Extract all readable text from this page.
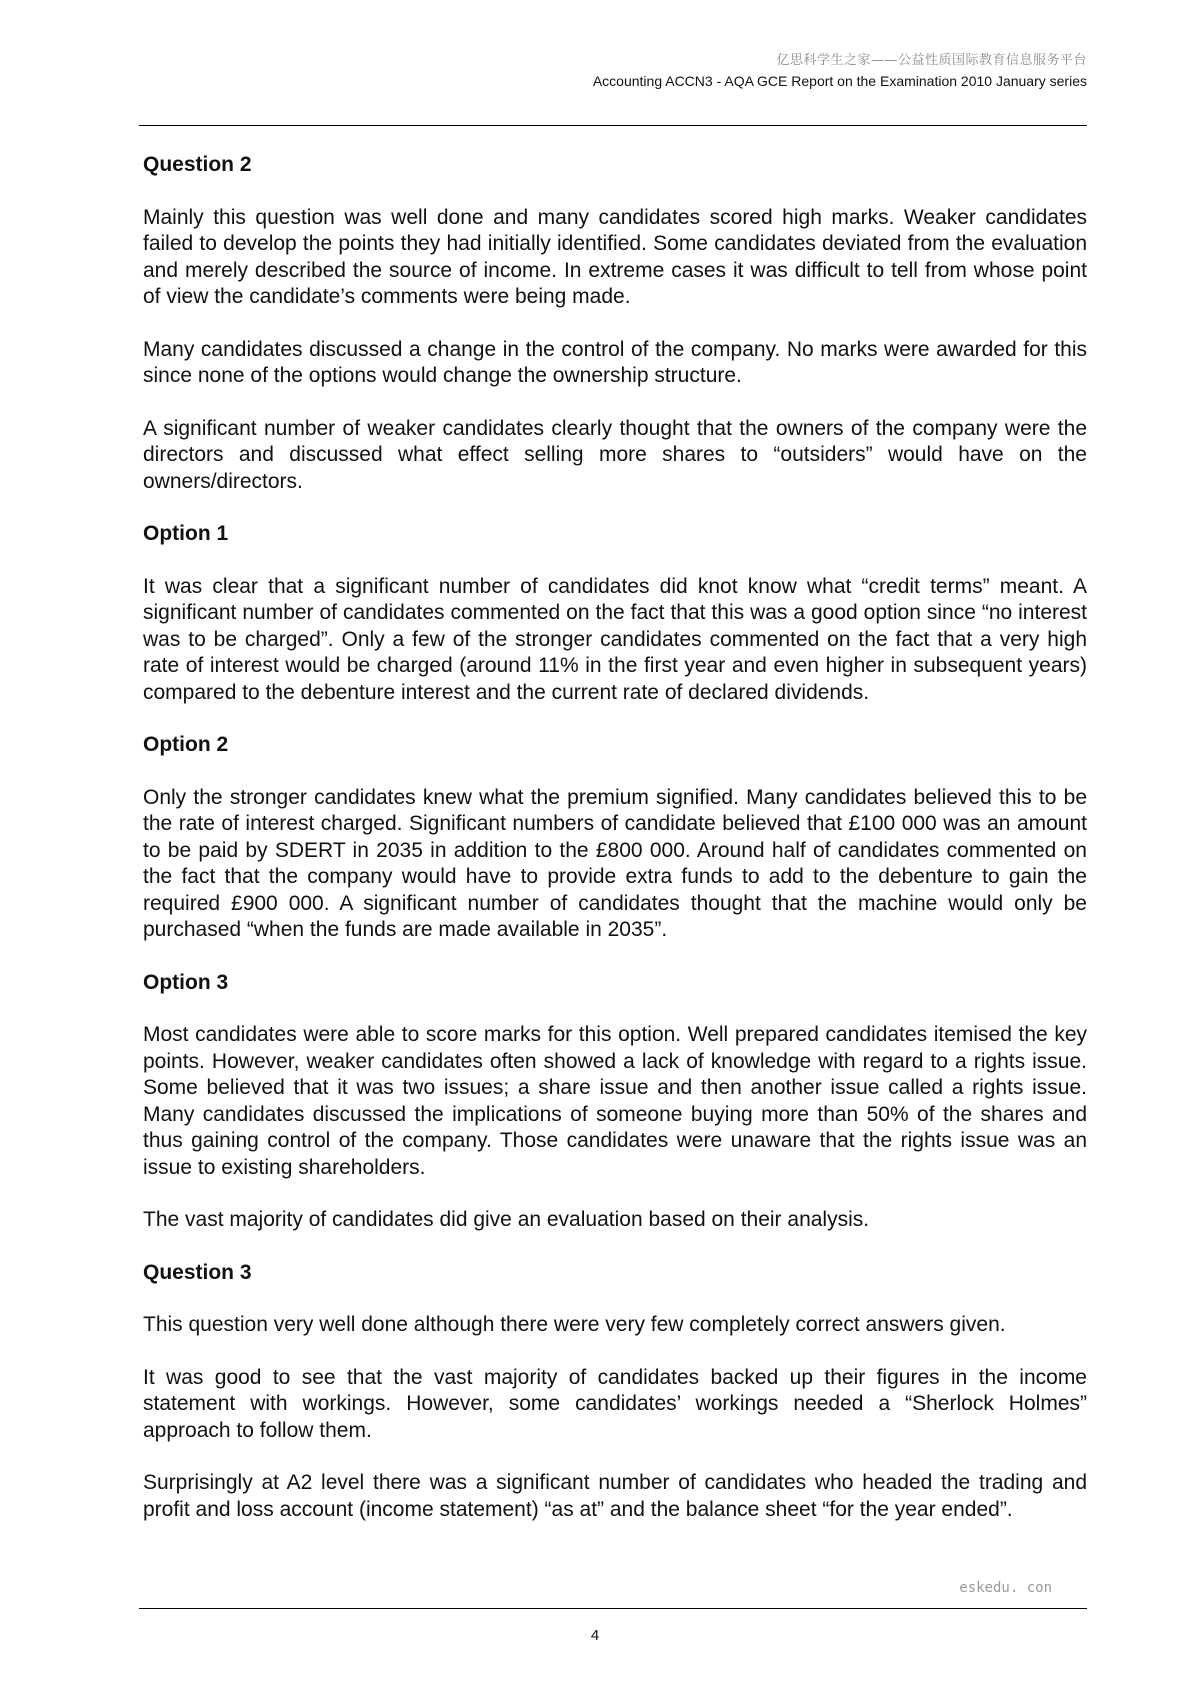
亿思科学生之家——公益性质国际教育信息服务平台
Accounting ACCN3 - AQA GCE Report on the Examination 2010 January series
Question 2

Mainly this question was well done and many candidates scored high marks. Weaker candidates failed to develop the points they had initially identified. Some candidates deviated from the evaluation and merely described the source of income. In extreme cases it was difficult to tell from whose point of view the candidate’s comments were being made.

Many candidates discussed a change in the control of the company. No marks were awarded for this since none of the options would change the ownership structure.

A significant number of weaker candidates clearly thought that the owners of the company were the directors and discussed what effect selling more shares to “outsiders” would have on the owners/directors.

Option 1

It was clear that a significant number of candidates did knot know what “credit terms” meant. A significant number of candidates commented on the fact that this was a good option since “no interest was to be charged”. Only a few of the stronger candidates commented on the fact that a very high rate of interest would be charged (around 11% in the first year and even higher in subsequent years) compared to the debenture interest and the current rate of declared dividends.

Option 2

Only the stronger candidates knew what the premium signified. Many candidates believed this to be the rate of interest charged. Significant numbers of candidate believed that £100 000 was an amount to be paid by SDERT in 2035 in addition to the £800 000. Around half of candidates commented on the fact that the company would have to provide extra funds to add to the debenture to gain the required £900 000. A significant number of candidates thought that the machine would only be purchased “when the funds are made available in 2035”.

Option 3

Most candidates were able to score marks for this option. Well prepared candidates itemised the key points. However, weaker candidates often showed a lack of knowledge with regard to a rights issue. Some believed that it was two issues; a share issue and then another issue called a rights issue. Many candidates discussed the implications of someone buying more than 50% of the shares and thus gaining control of the company. Those candidates were unaware that the rights issue was an issue to existing shareholders.

The vast majority of candidates did give an evaluation based on their analysis.

Question 3

This question very well done although there were very few completely correct answers given.

It was good to see that the vast majority of candidates backed up their figures in the income statement with workings. However, some candidates’ workings needed a “Sherlock Holmes” approach to follow them.

Surprisingly at A2 level there was a significant number of candidates who headed the trading and profit and loss account (income statement) “as at” and the balance sheet “for the year ended”.

eskedu. con
4
